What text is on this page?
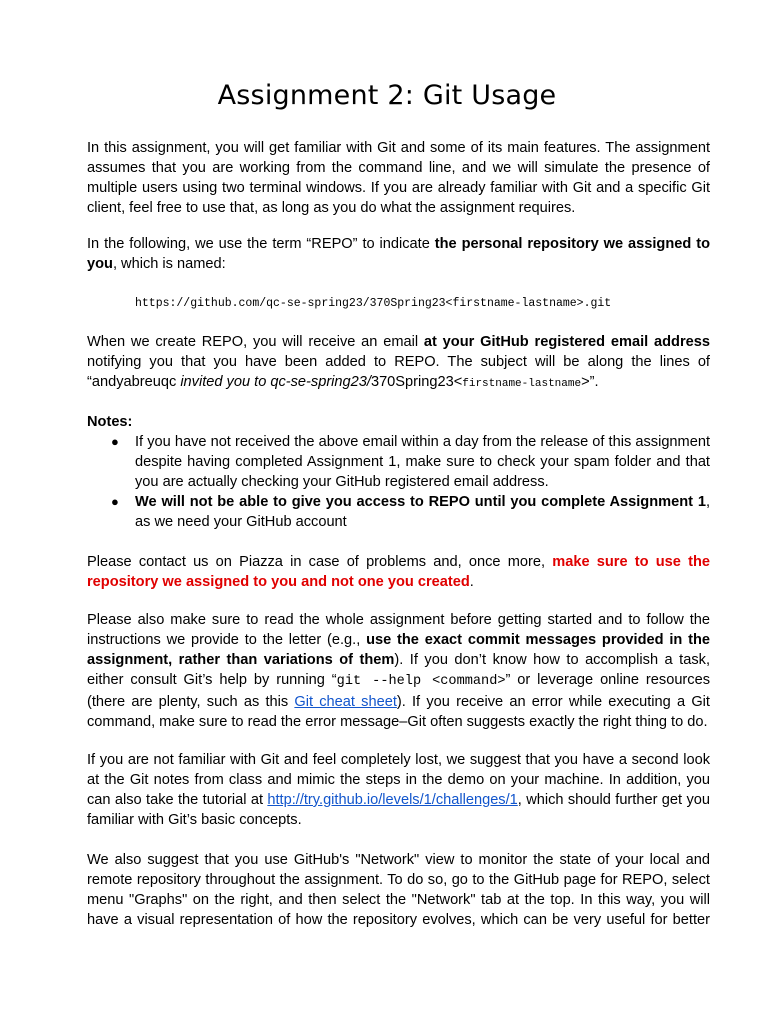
Assignment 2: Git Usage

In this assignment, you will get familiar with Git and some of its main features. The assignment assumes that you are working from the command line, and we will simulate the presence of multiple users using two terminal windows. If you are already familiar with Git and a specific Git client, feel free to use that, as long as you do what the assignment requires.

In the following, we use the term “REPO” to indicate the personal repository we assigned to you, which is named:

https://github.com/qc-se-spring23/370Spring23<firstname-lastname>.git

When we create REPO, you will receive an email at your GitHub registered email address notifying you that you have been added to REPO. The subject will be along the lines of “andyabreuqc invited you to qc-se-spring23/370Spring23<firstname-lastname>”.

Notes:

● If you have not received the above email within a day from the release of this assignment despite having completed Assignment 1, make sure to check your spam folder and that you are actually checking your GitHub registered email address.
● We will not be able to give you access to REPO until you complete Assignment 1, as we need your GitHub account

Please contact us on Piazza in case of problems and, once more, make sure to use the repository we assigned to you and not one you created.

Please also make sure to read the whole assignment before getting started and to follow the instructions we provide to the letter (e.g., use the exact commit messages provided in the assignment, rather than variations of them). If you don’t know how to accomplish a task, either consult Git’s help by running “git --help <command>” or leverage online resources (there are plenty, such as this Git cheat sheet). If you receive an error while executing a Git command, make sure to read the error message–Git often suggests exactly the right thing to do.

If you are not familiar with Git and feel completely lost, we suggest that you have a second look at the Git notes from class and mimic the steps in the demo on your machine. In addition, you can also take the tutorial at http://try.github.io/levels/1/challenges/1, which should further get you familiar with Git’s basic concepts.

We also suggest that you use GitHub's "Network" view to monitor the state of your local and remote repository throughout the assignment. To do so, go to the GitHub page for REPO, select menu "Graphs" on the right, and then select the "Network" tab at the top. In this way, you will have a visual representation of how the repository evolves, which can be very useful for better
